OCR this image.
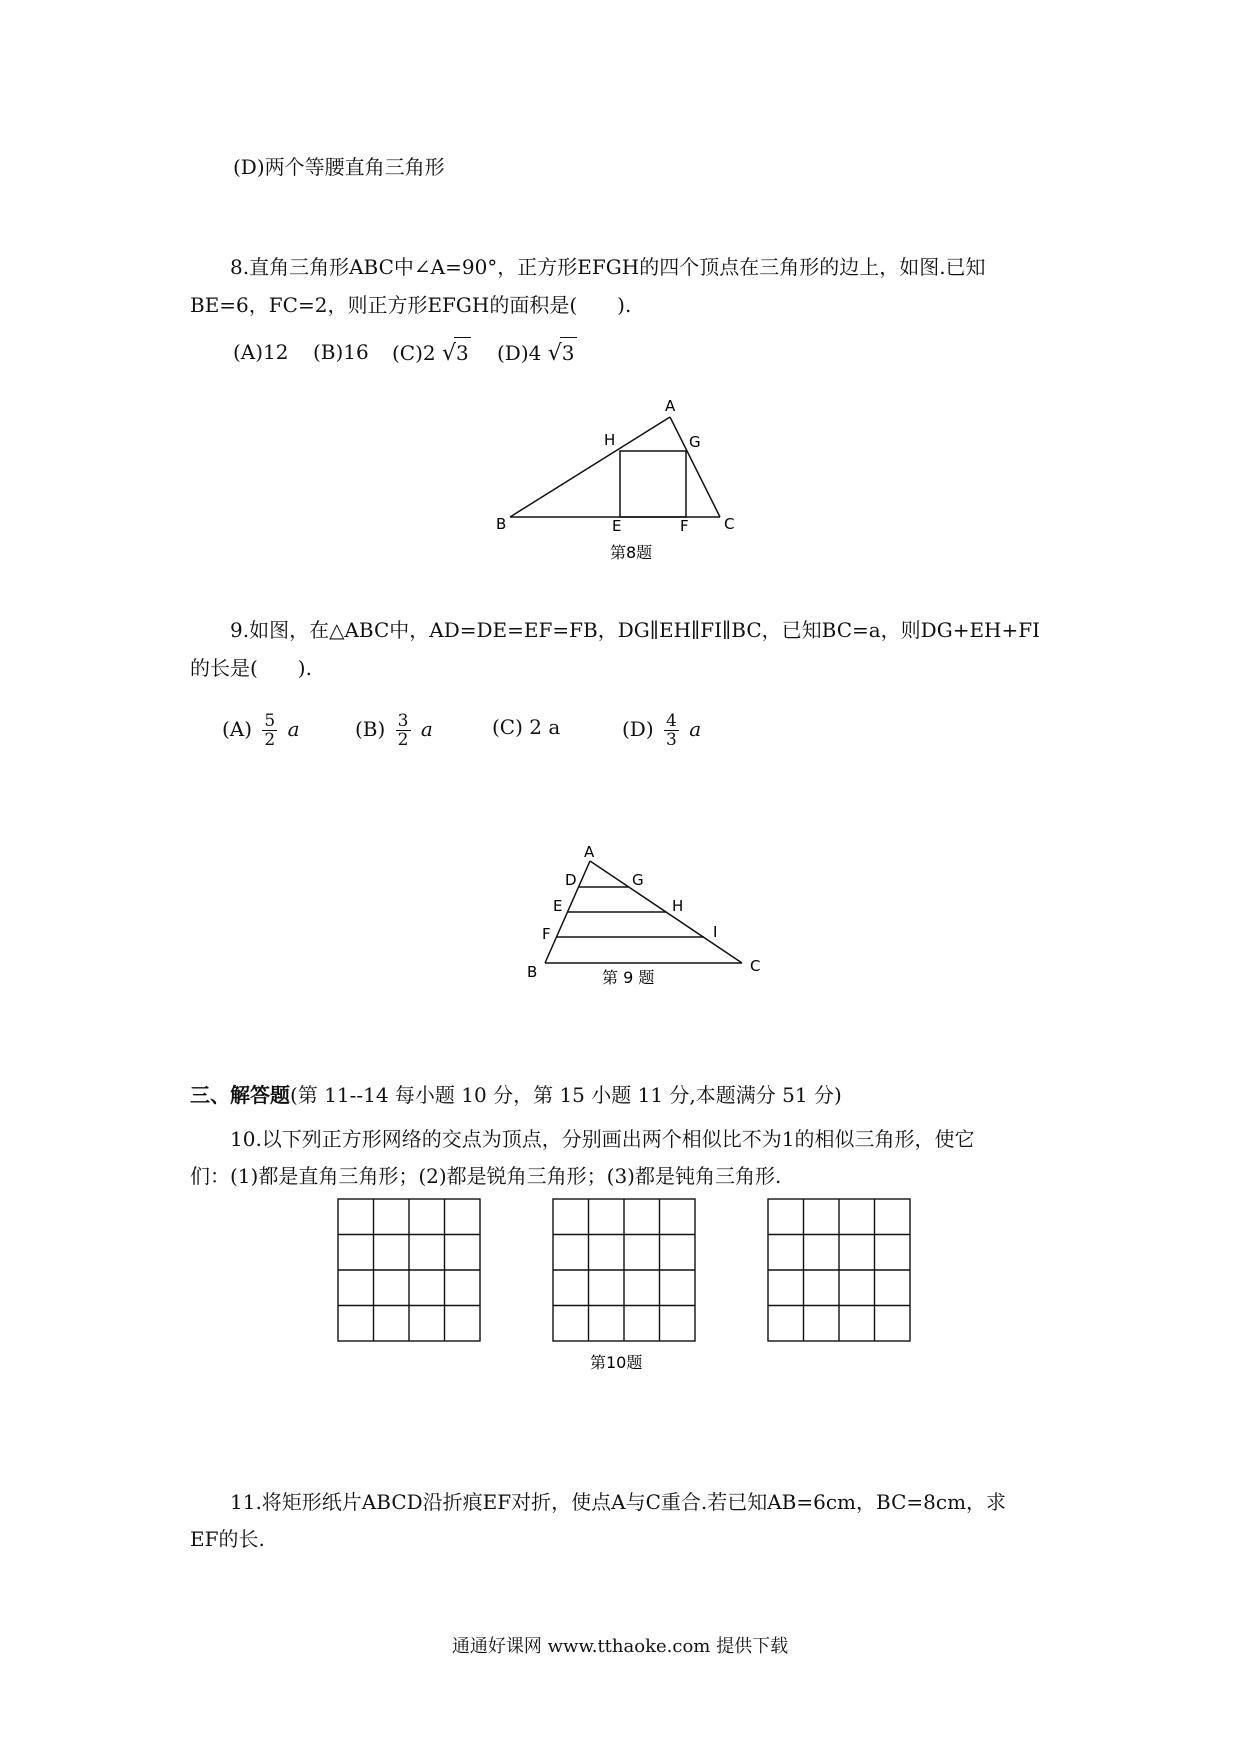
(D)两个等腰直角三角形
8.直角三角形ABC中∠A=90°，正方形EFGH的四个顶点在三角形的边上，如图.已知
BE=6，FC=2，则正方形EFGH的面积是(　　).
(A)12 (B)16 (C)2 √3 (D)4 √3
A
B	C
E	F
G
H
第8题
9.如图，在△ABC中，AD=DE=EF=FB，DG∥EH∥FI∥BC，已知BC=a，则DG+EH+FI
的长是(　　).
$(A) \frac{5}{2}$ a	$(B) \frac{3}{2}$ a	(C) 2 a	$(D) \frac{4}{3}$ a
A
D
E
F
B
G
H
I
C
第 9 题
三、解答题(第 11--14 每小题 10 分，第 15 小题 11 分,本题满分 51 分)
10.以下列正方形网络的交点为顶点，分别画出两个相似比不为1的相似三角形，使它
们：(1)都是直角三角形；(2)都是锐角三角形；(3)都是钝角三角形.
第10题
11.将矩形纸片ABCD沿折痕EF对折，使点A与C重合.若已知AB=6cm，BC=8cm，求
EF的长.
通通好课网 www.tthaoke.com 提供下载
